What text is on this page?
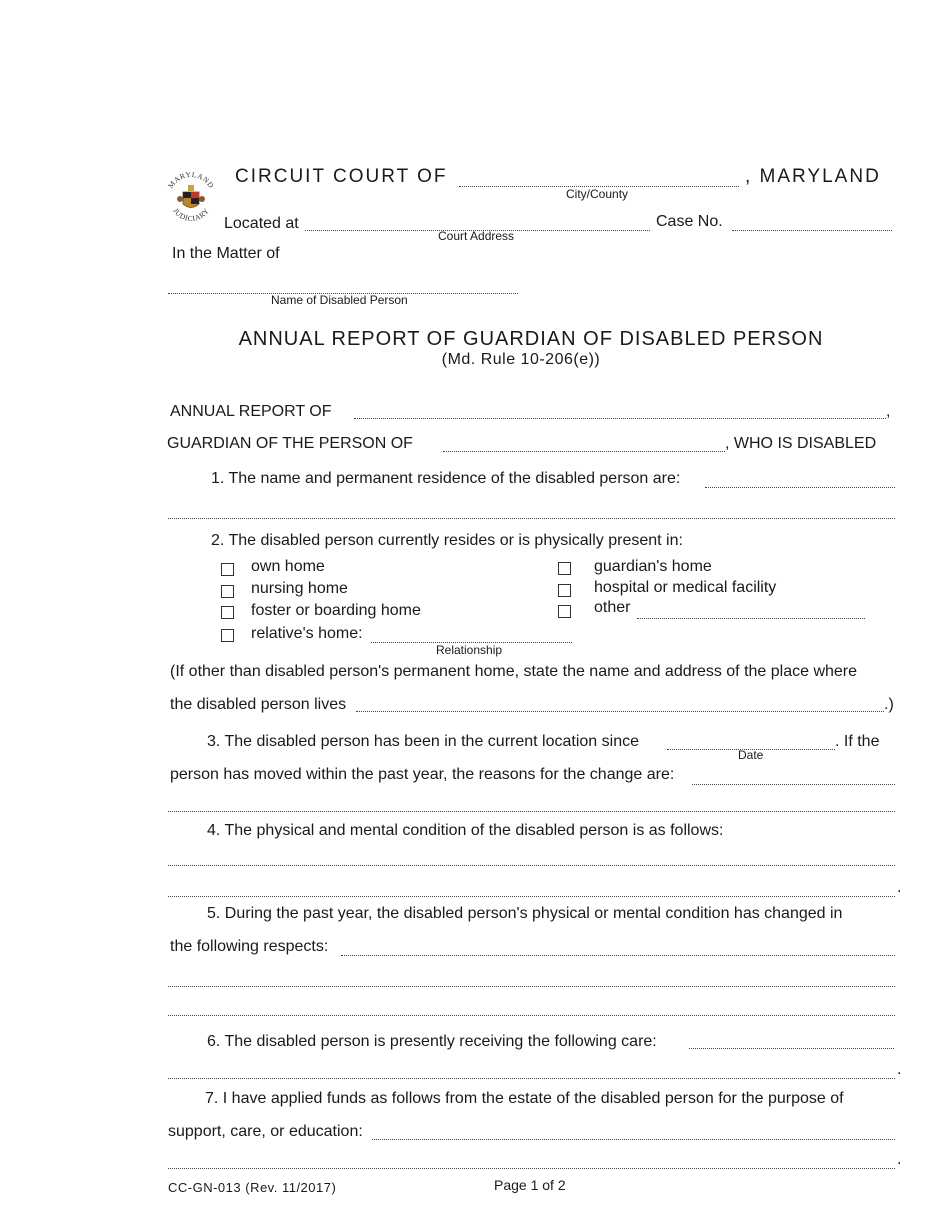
MARYLAND
JUDICIARY
CIRCUIT COURT OF
City/County
, MARYLAND
Located at
Court Address
Case No.
In the Matter of
Name of Disabled Person
ANNUAL REPORT OF GUARDIAN OF DISABLED PERSON
(Md. Rule 10-206(e))
ANNUAL REPORT OF	,
GUARDIAN OF THE PERSON OF	, WHO IS DISABLED
1. The name and permanent residence of the disabled person are:
2. The disabled person currently resides or is physically present in:
own home
nursing home
foster or boarding home
relative's home:
Relationship
guardian's home
hospital or medical facility
other
(If other than disabled person's permanent home, state the name and address of the place where
the disabled person lives	.)
3. The disabled person has been in the current location since
Date
. If the
person has moved within the past year, the reasons for the change are:
4. The physical and mental condition of the disabled person is as follows:
.
5. During the past year, the disabled person's physical or mental condition has changed in
the following respects:
6. The disabled person is presently receiving the following care:
.
7. I have applied funds as follows from the estate of the disabled person for the purpose of
support, care, or education:
.
CC-GN-013 (Rev. 11/2017)	Page 1 of 2
